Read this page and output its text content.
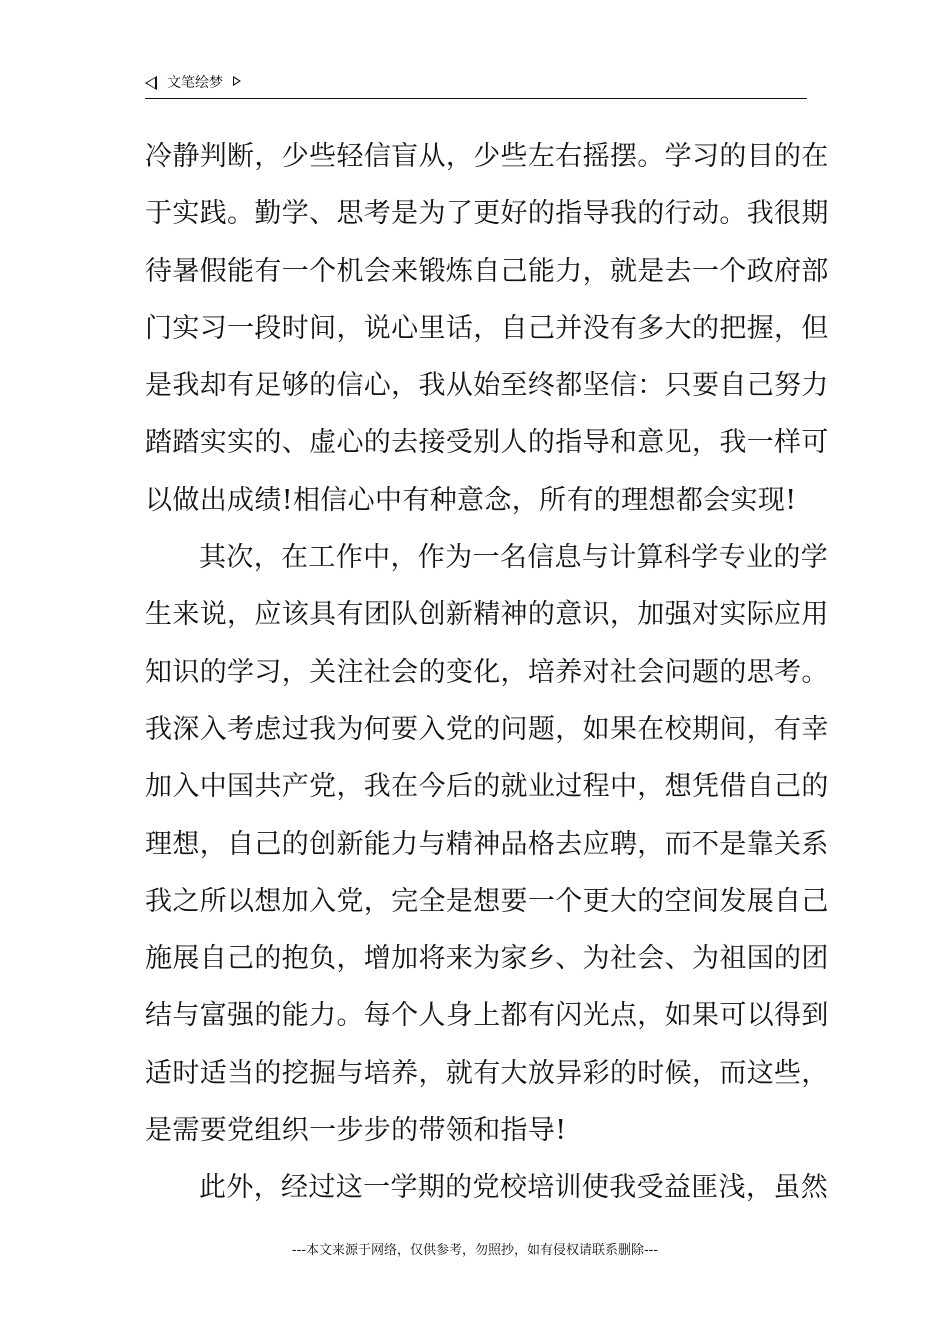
文笔绘梦
冷静判断，少些轻信盲从，少些左右摇摆。学习的目的在
于实践。勤学、思考是为了更好的指导我的行动。我很期
待暑假能有一个机会来锻炼自己能力，就是去一个政府部
门实习一段时间，说心里话，自己并没有多大的把握，但
是我却有足够的信心，我从始至终都坚信：只要自己努力
踏踏实实的、虚心的去接受别人的指导和意见，我一样可
以做出成绩!相信心中有种意念，所有的理想都会实现!
其次，在工作中，作为一名信息与计算科学专业的学
生来说，应该具有团队创新精神的意识，加强对实际应用
知识的学习，关注社会的变化，培养对社会问题的思考。
我深入考虑过我为何要入党的问题，如果在校期间，有幸
加入中国共产党，我在今后的就业过程中，想凭借自己的
理想，自己的创新能力与精神品格去应聘，而不是靠关系
我之所以想加入党，完全是想要一个更大的空间发展自己
施展自己的抱负，增加将来为家乡、为社会、为祖国的团
结与富强的能力。每个人身上都有闪光点，如果可以得到
适时适当的挖掘与培养，就有大放异彩的时候，而这些，
是需要党组织一步步的带领和指导!
此外，经过这一学期的党校培训使我受益匪浅，虽然
---本文来源于网络，仅供参考，勿照抄，如有侵权请联系删除---
